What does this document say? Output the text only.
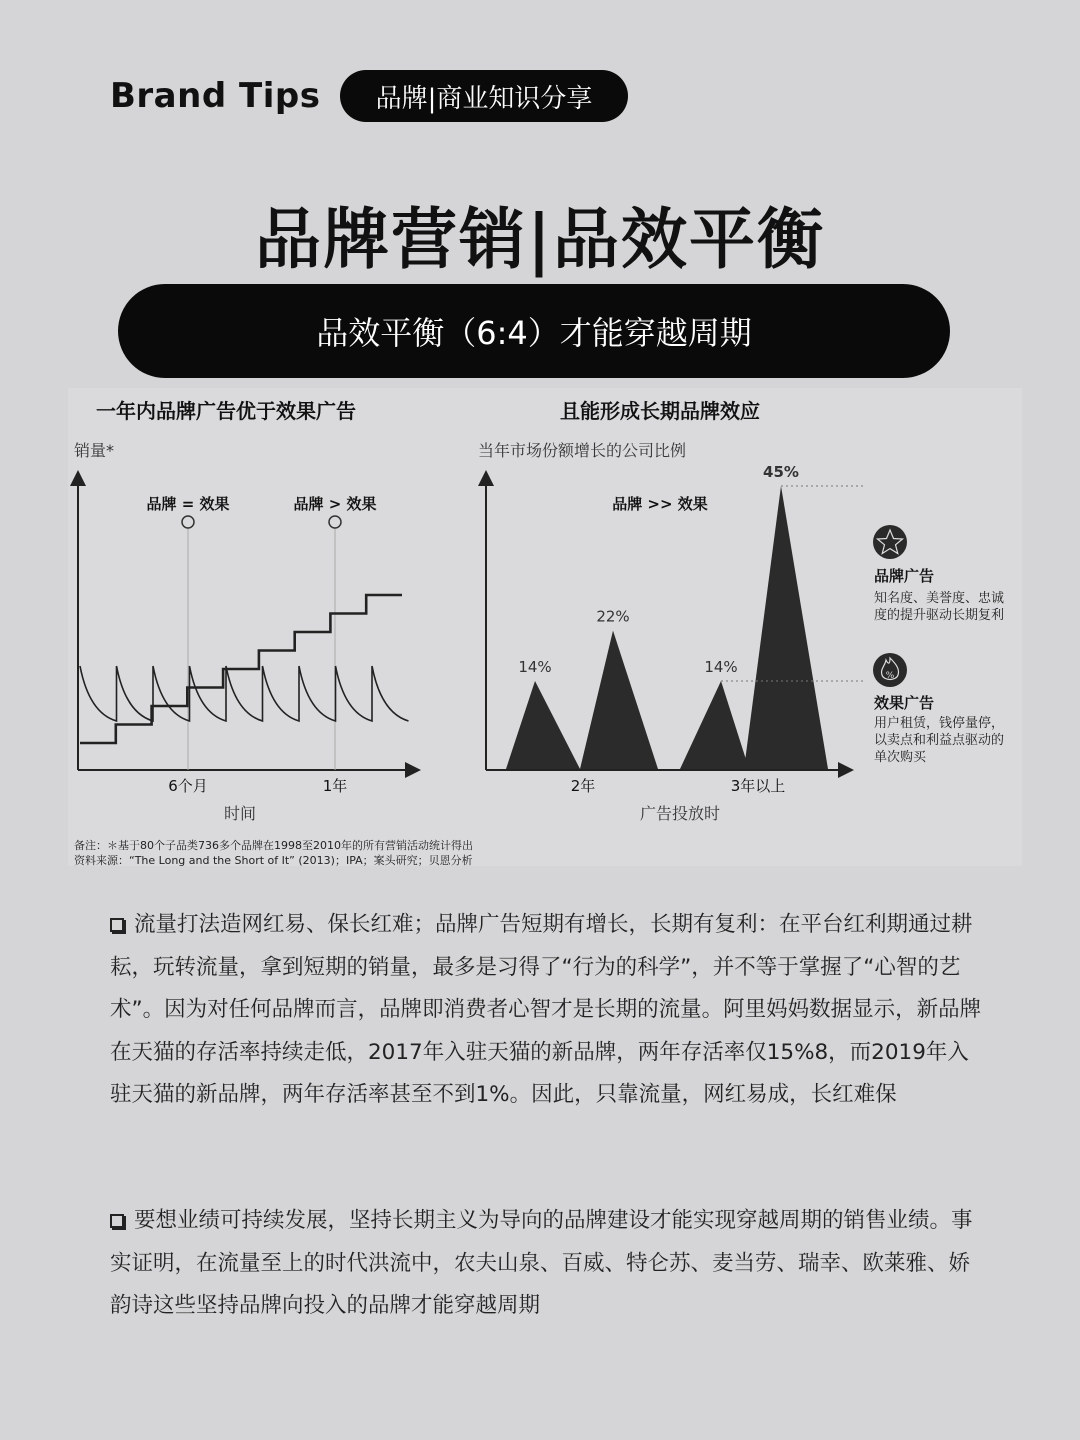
Brand Tips	品牌|商业知识分享
品牌营销|品效平衡
品效平衡（6:4）才能穿越周期
一年内品牌广告优于效果广告
销量*
品牌 = 效果	品牌 > 效果
6个月	1年
时间
且能形成长期品牌效应
当年市场份额增长的公司比例
品牌 >> 效果
14%
22%
14%
45%
2年	3年以上
广告投放时
品牌广告
知名度、美誉度、忠诚
度的提升驱动长期复利
%
效果广告
用户租赁，钱停量停，
以卖点和利益点驱动的
单次购买
备注：＊基于80个子品类736多个品牌在1998至2010年的所有营销活动统计得出
资料来源：“The Long and the Short of It” (2013)；IPA；案头研究；贝恩分析

流量打法造网红易、保长红难；品牌广告短期有增长，长期有复利：在平台红利期通过耕耘，玩转流量，拿到短期的销量，最多是习得了“行为的科学”，并不等于掌握了“心智的艺术”。因为对任何品牌而言，品牌即消费者心智才是长期的流量。阿里妈妈数据显示，新品牌在天猫的存活率持续走低，2017年入驻天猫的新品牌，两年存活率仅15%8，而2019年入驻天猫的新品牌，两年存活率甚至不到1%。因此，只靠流量，网红易成，长红难保

要想业绩可持续发展，坚持长期主义为导向的品牌建设才能实现穿越周期的销售业绩。事实证明，在流量至上的时代洪流中，农夫山泉、百威、特仑苏、麦当劳、瑞幸、欧莱雅、娇韵诗这些坚持品牌向投入的品牌才能穿越周期
